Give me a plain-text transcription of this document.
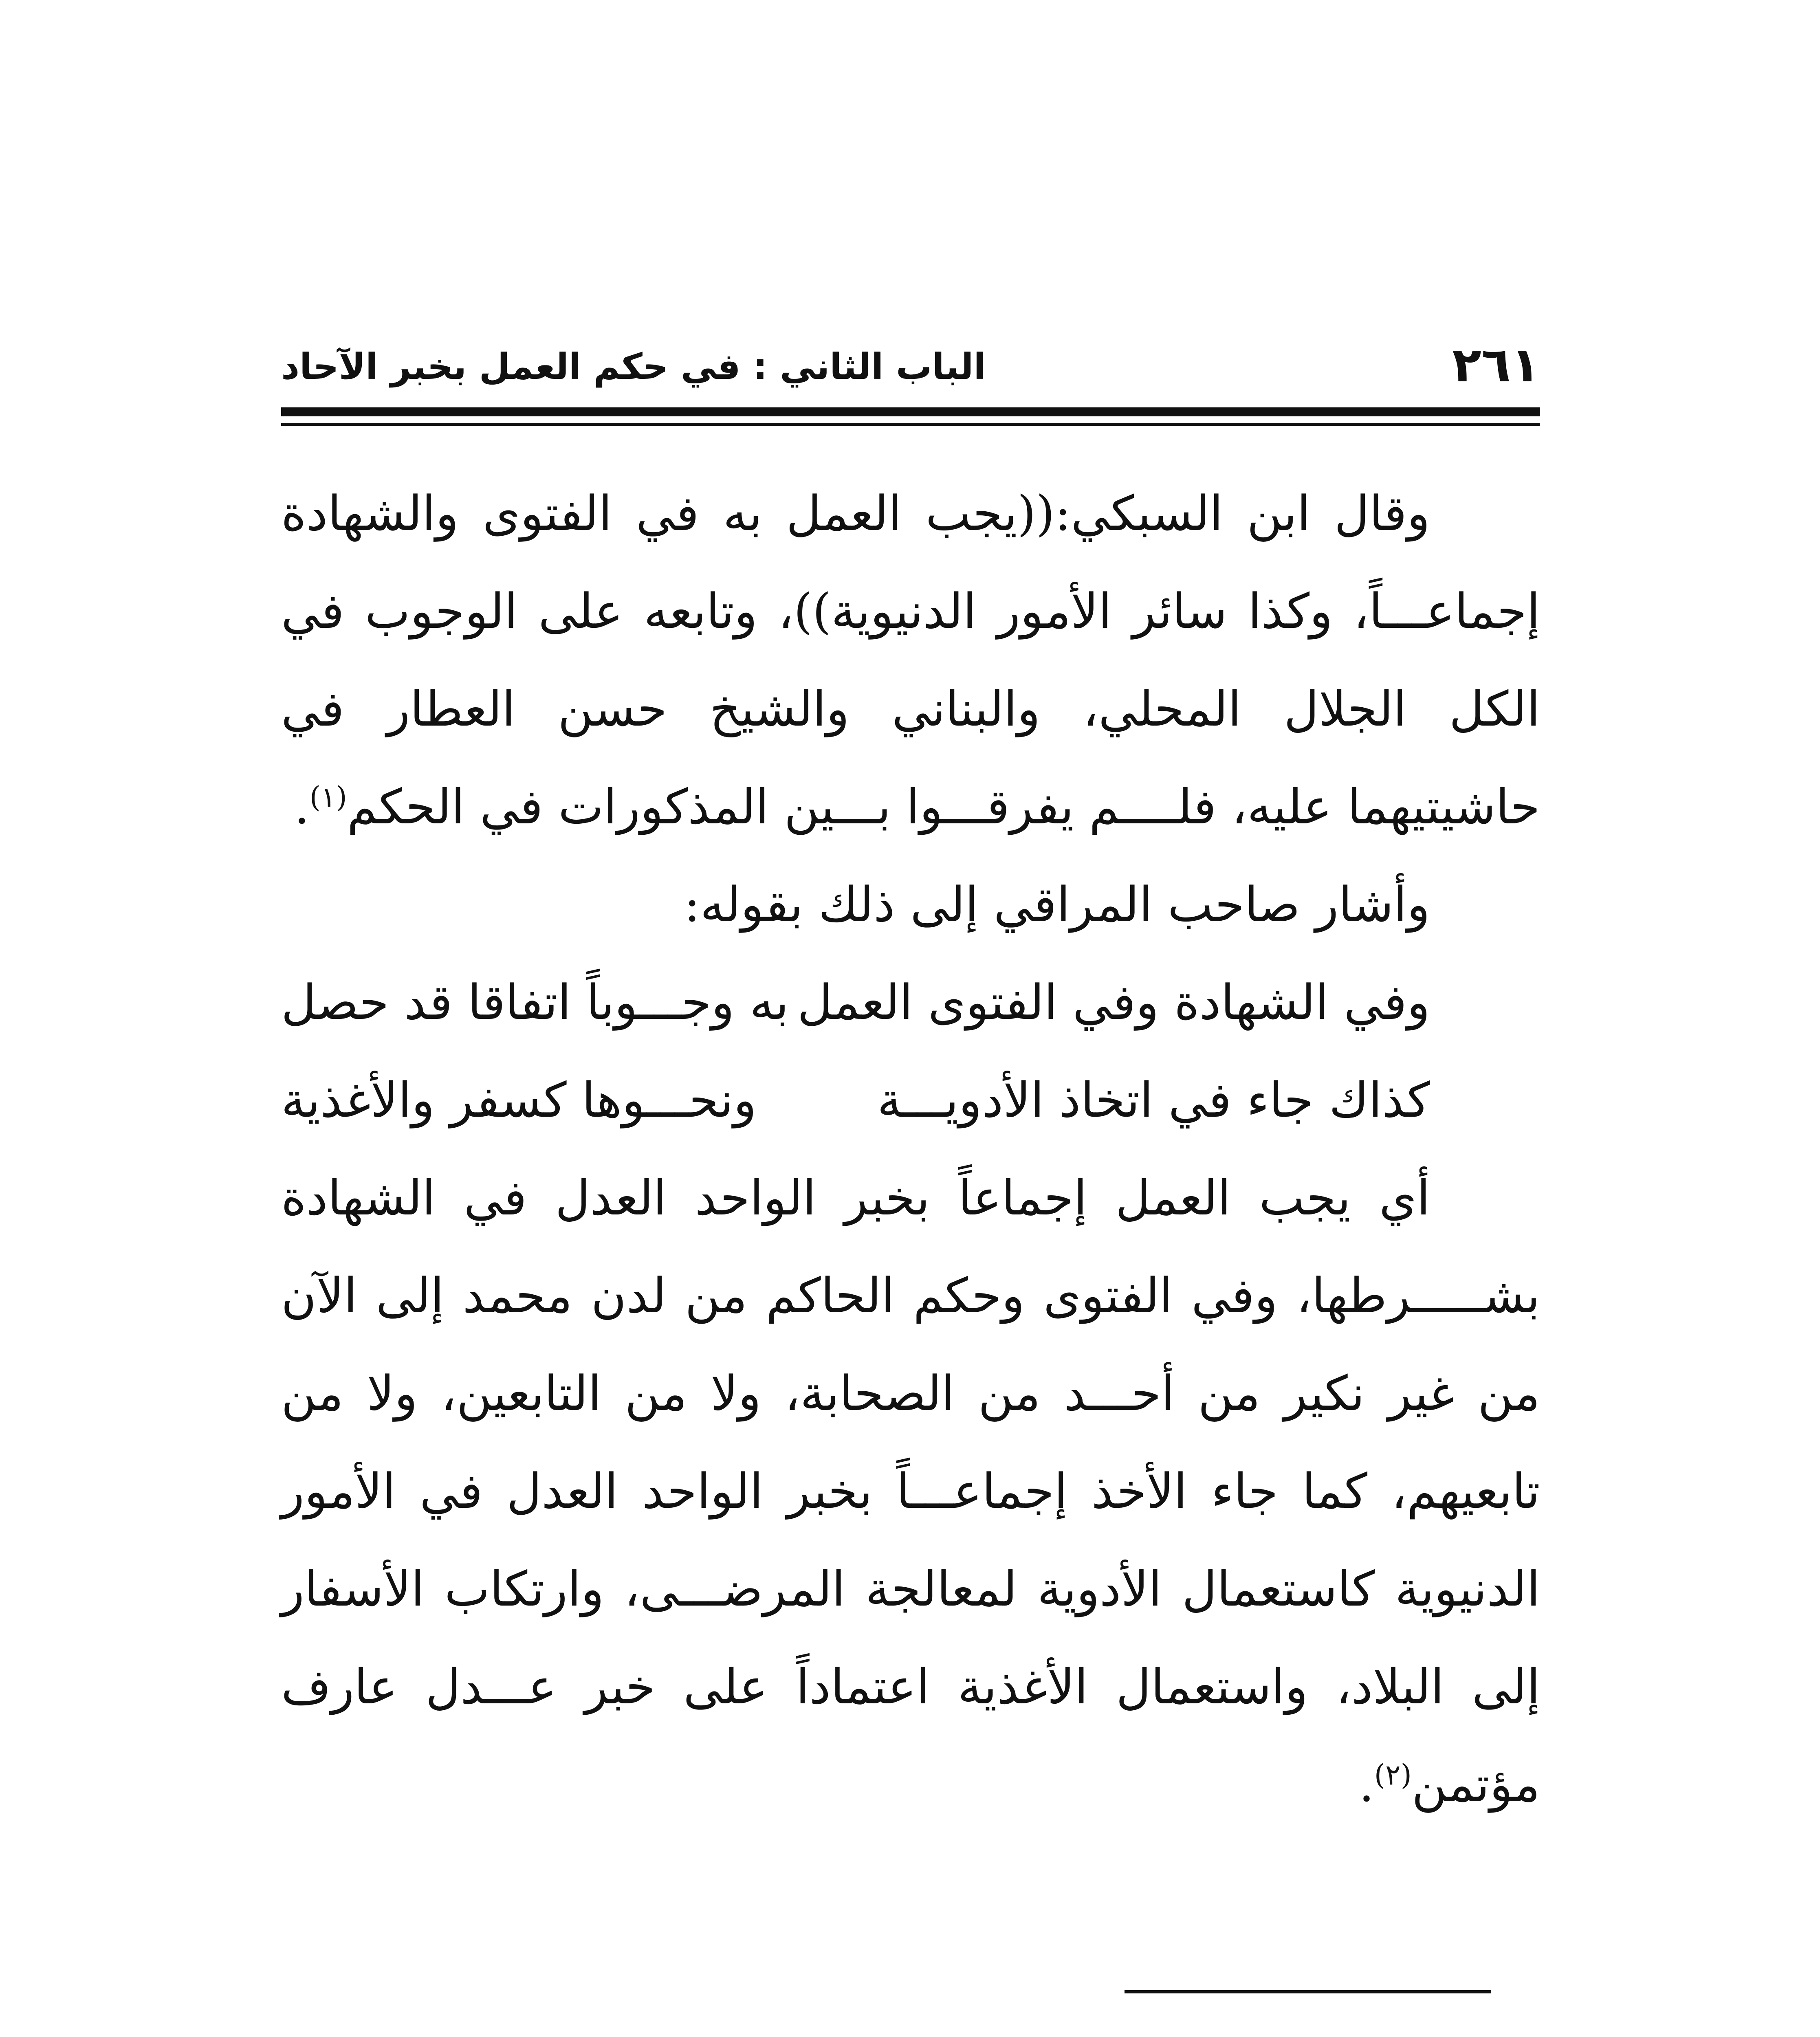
٢٦١
الباب الثاني : في حكم العمل بخبر الآحاد

وقال ابن السبكي:((يجب العمل به في الفتوى والشهادة إجماعـــاً، وكذا سائر الأمور الدنيوية))، وتابعه على الوجوب في الكل الجلال المحلي، والبناني والشيخ حسن العطار في حاشيتيهما عليه، فلــــم يفرقـــوا بـــين المذكورات في الحكم$^{(١)}$.

وأشار صاحب المراقي إلى ذلك بقوله:

وفي الشهادة وفي الفتوى العمل
به وجـــوباً اتفاقا قد حصل
كذاك جاء في اتخاذ الأدويـــة
ونحـــوها كسفر والأغذية

أي يجب العمل إجماعاً بخبر الواحد العدل في الشهادة بشـــــرطها، وفي الفتوى وحكم الحاكم من لدن محمد إلى الآن من غير نكير من أحـــد من الصحابة، ولا من التابعين، ولا من تابعيهم، كما جاء الأخذ إجماعـــاً بخبر الواحد العدل في الأمور الدنيوية كاستعمال الأدوية لمعالجة المرضـــى، وارتكاب الأسفار إلى البلاد، واستعمال الأغذية اعتماداً على خبر عـــدل عارف مؤتمن$^{(٢)}$.
